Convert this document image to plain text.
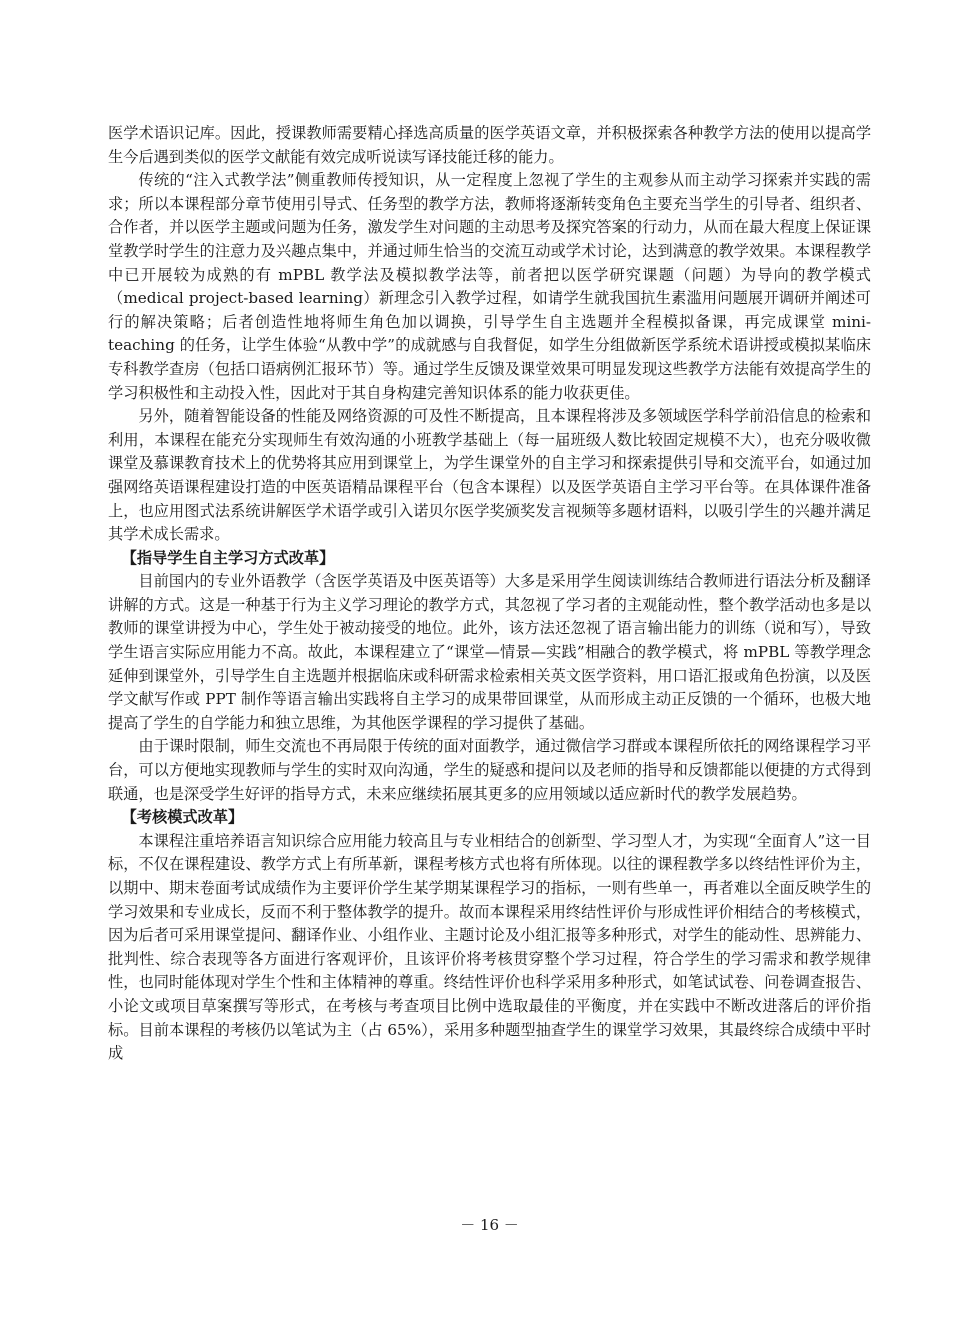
医学术语识记库。因此，授课教师需要精心择选高质量的医学英语文章，并积极探索各种教学方法的使用以提高学生今后遇到类似的医学文献能有效完成听说读写译技能迁移的能力。

传统的“注入式教学法”侧重教师传授知识，从一定程度上忽视了学生的主观参从而主动学习探索并实践的需求；所以本课程部分章节使用引导式、任务型的教学方法，教师将逐渐转变角色主要充当学生的引导者、组织者、合作者，并以医学主题或问题为任务，激发学生对问题的主动思考及探究答案的行动力，从而在最大程度上保证课堂教学时学生的注意力及兴趣点集中，并通过师生恰当的交流互动或学术讨论，达到满意的教学效果。本课程教学中已开展较为成熟的有 mPBL 教学法及模拟教学法等，前者把以医学研究课题（问题）为导向的教学模式（medical project-based learning）新理念引入教学过程，如请学生就我国抗生素滥用问题展开调研并阐述可行的解决策略；后者创造性地将师生角色加以调换，引导学生自主选题并全程模拟备课，再完成课堂 mini-teaching 的任务，让学生体验“从教中学”的成就感与自我督促，如学生分组做新医学系统术语讲授或模拟某临床专科教学查房（包括口语病例汇报环节）等。通过学生反馈及课堂效果可明显发现这些教学方法能有效提高学生的学习积极性和主动投入性，因此对于其自身构建完善知识体系的能力收获更佳。

另外，随着智能设备的性能及网络资源的可及性不断提高，且本课程将涉及多领域医学科学前沿信息的检索和利用，本课程在能充分实现师生有效沟通的小班教学基础上（每一届班级人数比较固定规模不大），也充分吸收微课堂及慕课教育技术上的优势将其应用到课堂上，为学生课堂外的自主学习和探索提供引导和交流平台，如通过加强网络英语课程建设打造的中医英语精品课程平台（包含本课程）以及医学英语自主学习平台等。在具体课件准备上，也应用图式法系统讲解医学术语学或引入诺贝尔医学奖颁奖发言视频等多题材语料，以吸引学生的兴趣并满足其学术成长需求。

【指导学生自主学习方式改革】

目前国内的专业外语教学（含医学英语及中医英语等）大多是采用学生阅读训练结合教师进行语法分析及翻译讲解的方式。这是一种基于行为主义学习理论的教学方式，其忽视了学习者的主观能动性，整个教学活动也多是以教师的课堂讲授为中心，学生处于被动接受的地位。此外，该方法还忽视了语言输出能力的训练（说和写），导致学生语言实际应用能力不高。故此，本课程建立了“课堂—情景—实践”相融合的教学模式，将 mPBL 等教学理念延伸到课堂外，引导学生自主选题并根据临床或科研需求检索相关英文医学资料，用口语汇报或角色扮演，以及医学文献写作或 PPT 制作等语言输出实践将自主学习的成果带回课堂，从而形成主动正反馈的一个循环，也极大地提高了学生的自学能力和独立思维，为其他医学课程的学习提供了基础。

由于课时限制，师生交流也不再局限于传统的面对面教学，通过微信学习群或本课程所依托的网络课程学习平台，可以方便地实现教师与学生的实时双向沟通，学生的疑惑和提问以及老师的指导和反馈都能以便捷的方式得到联通，也是深受学生好评的指导方式，未来应继续拓展其更多的应用领域以适应新时代的教学发展趋势。

【考核模式改革】

本课程注重培养语言知识综合应用能力较高且与专业相结合的创新型、学习型人才，为实现“全面育人”这一目标，不仅在课程建设、教学方式上有所革新，课程考核方式也将有所体现。以往的课程教学多以终结性评价为主，以期中、期末卷面考试成绩作为主要评价学生某学期某课程学习的指标，一则有些单一，再者难以全面反映学生的学习效果和专业成长，反而不利于整体教学的提升。故而本课程采用终结性评价与形成性评价相结合的考核模式，因为后者可采用课堂提问、翻译作业、小组作业、主题讨论及小组汇报等多种形式，对学生的能动性、思辨能力、批判性、综合表现等各方面进行客观评价，且该评价将考核贯穿整个学习过程，符合学生的学习需求和教学规律性，也同时能体现对学生个性和主体精神的尊重。终结性评价也科学采用多种形式，如笔试试卷、问卷调查报告、小论文或项目草案撰写等形式，在考核与考查项目比例中选取最佳的平衡度，并在实践中不断改进落后的评价指标。目前本课程的考核仍以笔试为主（占 65%），采用多种题型抽查学生的课堂学习效果，其最终综合成绩中平时成

－ 16 －
